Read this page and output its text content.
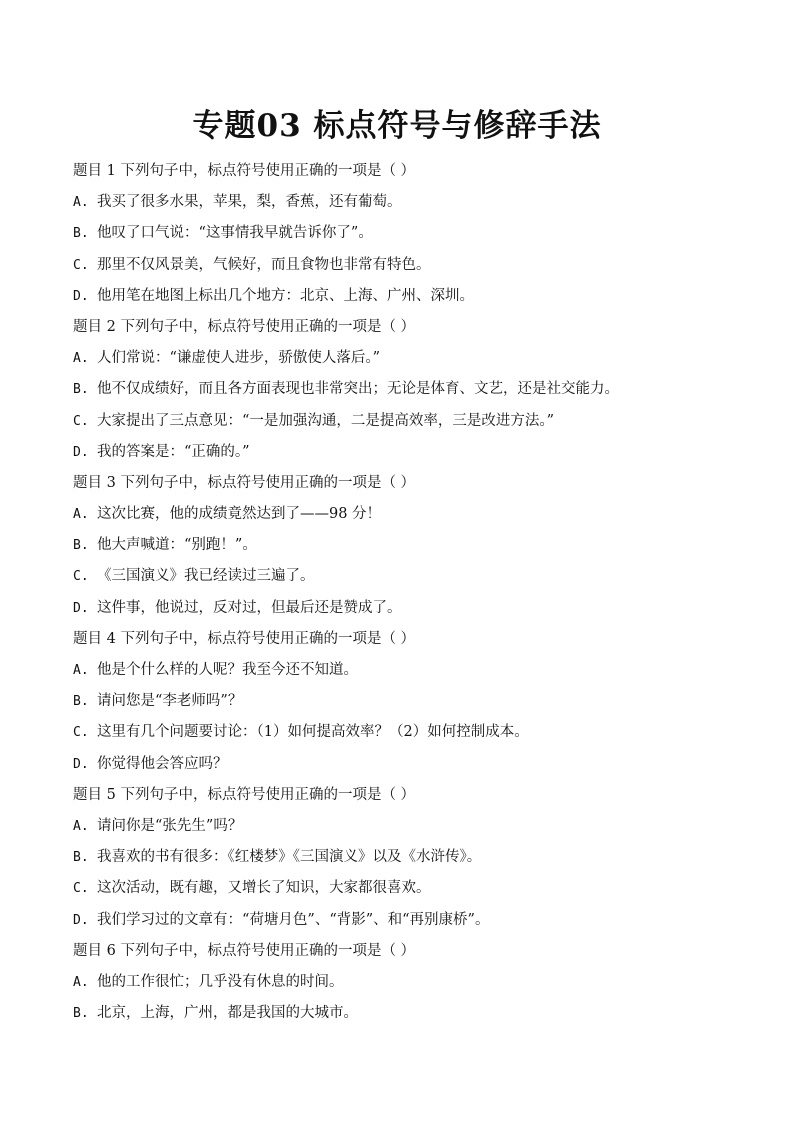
专题03 标点符号与修辞手法
题目 1 下列句子中，标点符号使用正确的一项是（ ）
A. 我买了很多水果，苹果，梨，香蕉，还有葡萄。
B. 他叹了口气说：“这事情我早就告诉你了”。
C. 那里不仅风景美，气候好，而且食物也非常有特色。
D. 他用笔在地图上标出几个地方：北京、上海、广州、深圳。
题目 2 下列句子中，标点符号使用正确的一项是（ ）
A. 人们常说：“谦虚使人进步，骄傲使人落后。”
B. 他不仅成绩好，而且各方面表现也非常突出；无论是体育、文艺，还是社交能力。
C. 大家提出了三点意见：“一是加强沟通，二是提高效率，三是改进方法。”
D. 我的答案是：“正确的。”
题目 3 下列句子中，标点符号使用正确的一项是（ ）
A. 这次比赛，他的成绩竟然达到了——98 分！
B. 他大声喊道：“别跑！”。
C. 《三国演义》我已经读过三遍了。
D. 这件事，他说过，反对过，但最后还是赞成了。
题目 4 下列句子中，标点符号使用正确的一项是（ ）
A. 他是个什么样的人呢？我至今还不知道。
B. 请问您是“李老师吗”？
C. 这里有几个问题要讨论：（1）如何提高效率？（2）如何控制成本。
D. 你觉得他会答应吗？
题目 5 下列句子中，标点符号使用正确的一项是（ ）
A. 请问你是“张先生”吗？
B. 我喜欢的书有很多：《红楼梦》《三国演义》以及《水浒传》。
C. 这次活动，既有趣，又增长了知识，大家都很喜欢。
D. 我们学习过的文章有：“荷塘月色”、“背影”、和“再别康桥”。
题目 6 下列句子中，标点符号使用正确的一项是（ ）
A. 他的工作很忙；几乎没有休息的时间。
B. 北京，上海，广州，都是我国的大城市。
